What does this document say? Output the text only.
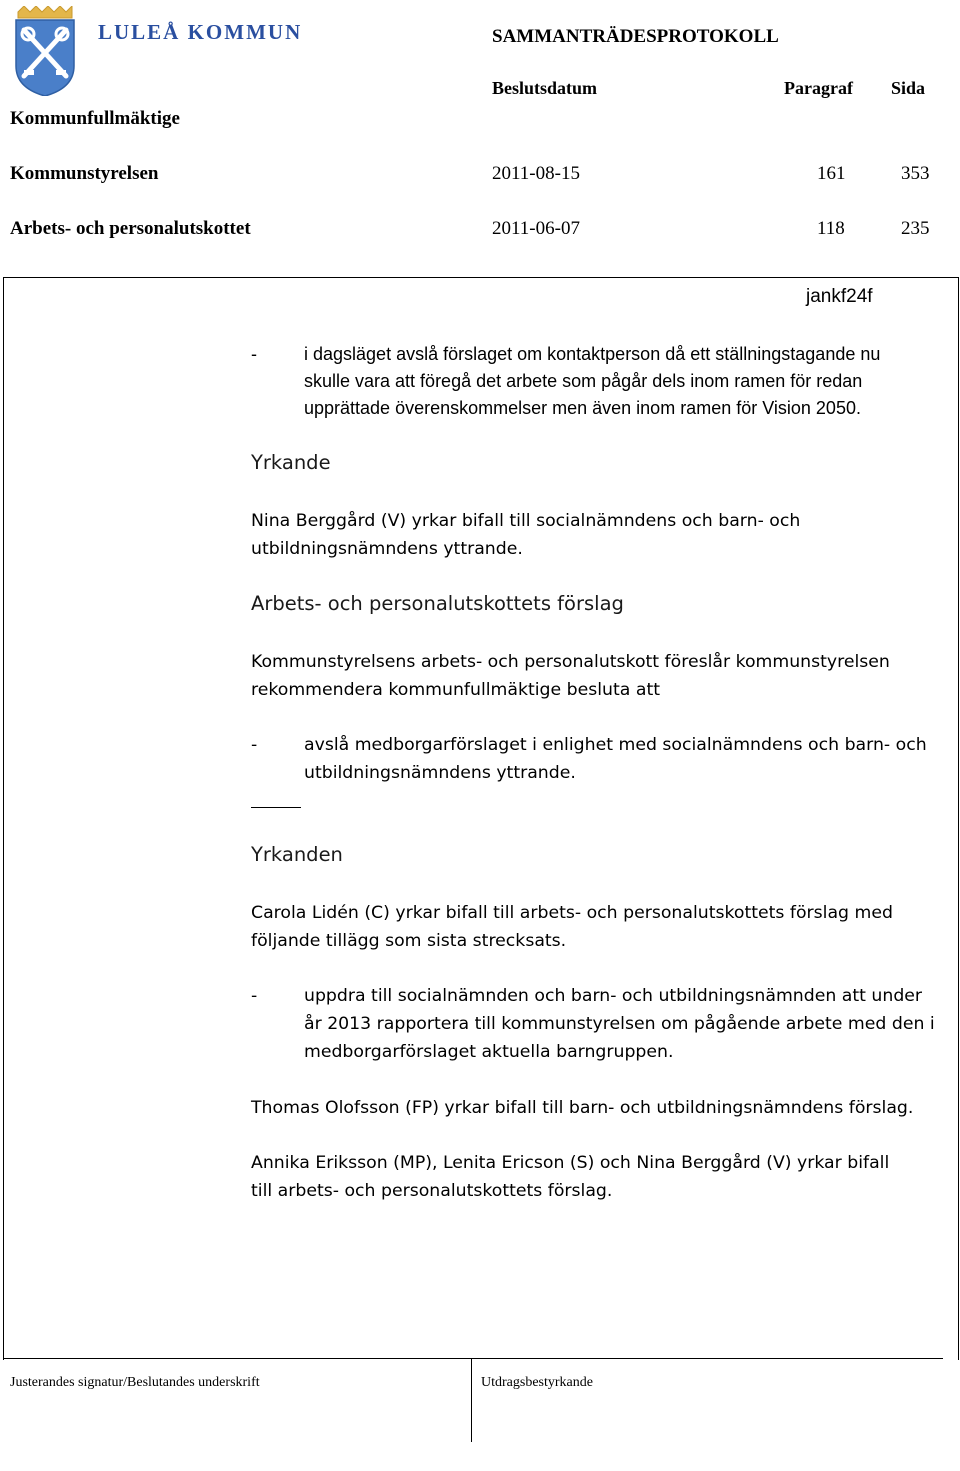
LULEÅ KOMMUN	SAMMANTRÄDESPROTOKOLL
Beslutsdatum	Paragraf Sida
Kommunfullmäktige
Kommunstyrelsen	2011-08-15	161	353
Arbets- och personalutskottet	2011-06-07	118	235
jankf24f
-	i dagsläget avslå förslaget om kontaktperson då ett ställningstagande nu
skulle vara att föregå det arbete som pågår dels inom ramen för redan
upprättade överenskommelser men även inom ramen för Vision 2050.
Yrkande
Nina Berggård (V) yrkar bifall till socialnämndens och barn- och
utbildningsnämndens yttrande.
Arbets- och personalutskottets förslag
Kommunstyrelsens arbets- och personalutskott föreslår kommunstyrelsen
rekommendera kommunfullmäktige besluta att
-	avslå medborgarförslaget i enlighet med socialnämndens och barn- och
utbildningsnämndens yttrande.
Yrkanden
Carola Lidén (C) yrkar bifall till arbets- och personalutskottets förslag med
följande tillägg som sista strecksats.
-	uppdra till socialnämnden och barn- och utbildningsnämnden att under
år 2013 rapportera till kommunstyrelsen om pågående arbete med den i
medborgarförslaget aktuella barngruppen.
Thomas Olofsson (FP) yrkar bifall till barn- och utbildningsnämndens förslag.
Annika Eriksson (MP), Lenita Ericson (S) och Nina Berggård (V) yrkar bifall
till arbets- och personalutskottets förslag.
Justerandes signatur/Beslutandes underskrift	Utdragsbestyrkande
